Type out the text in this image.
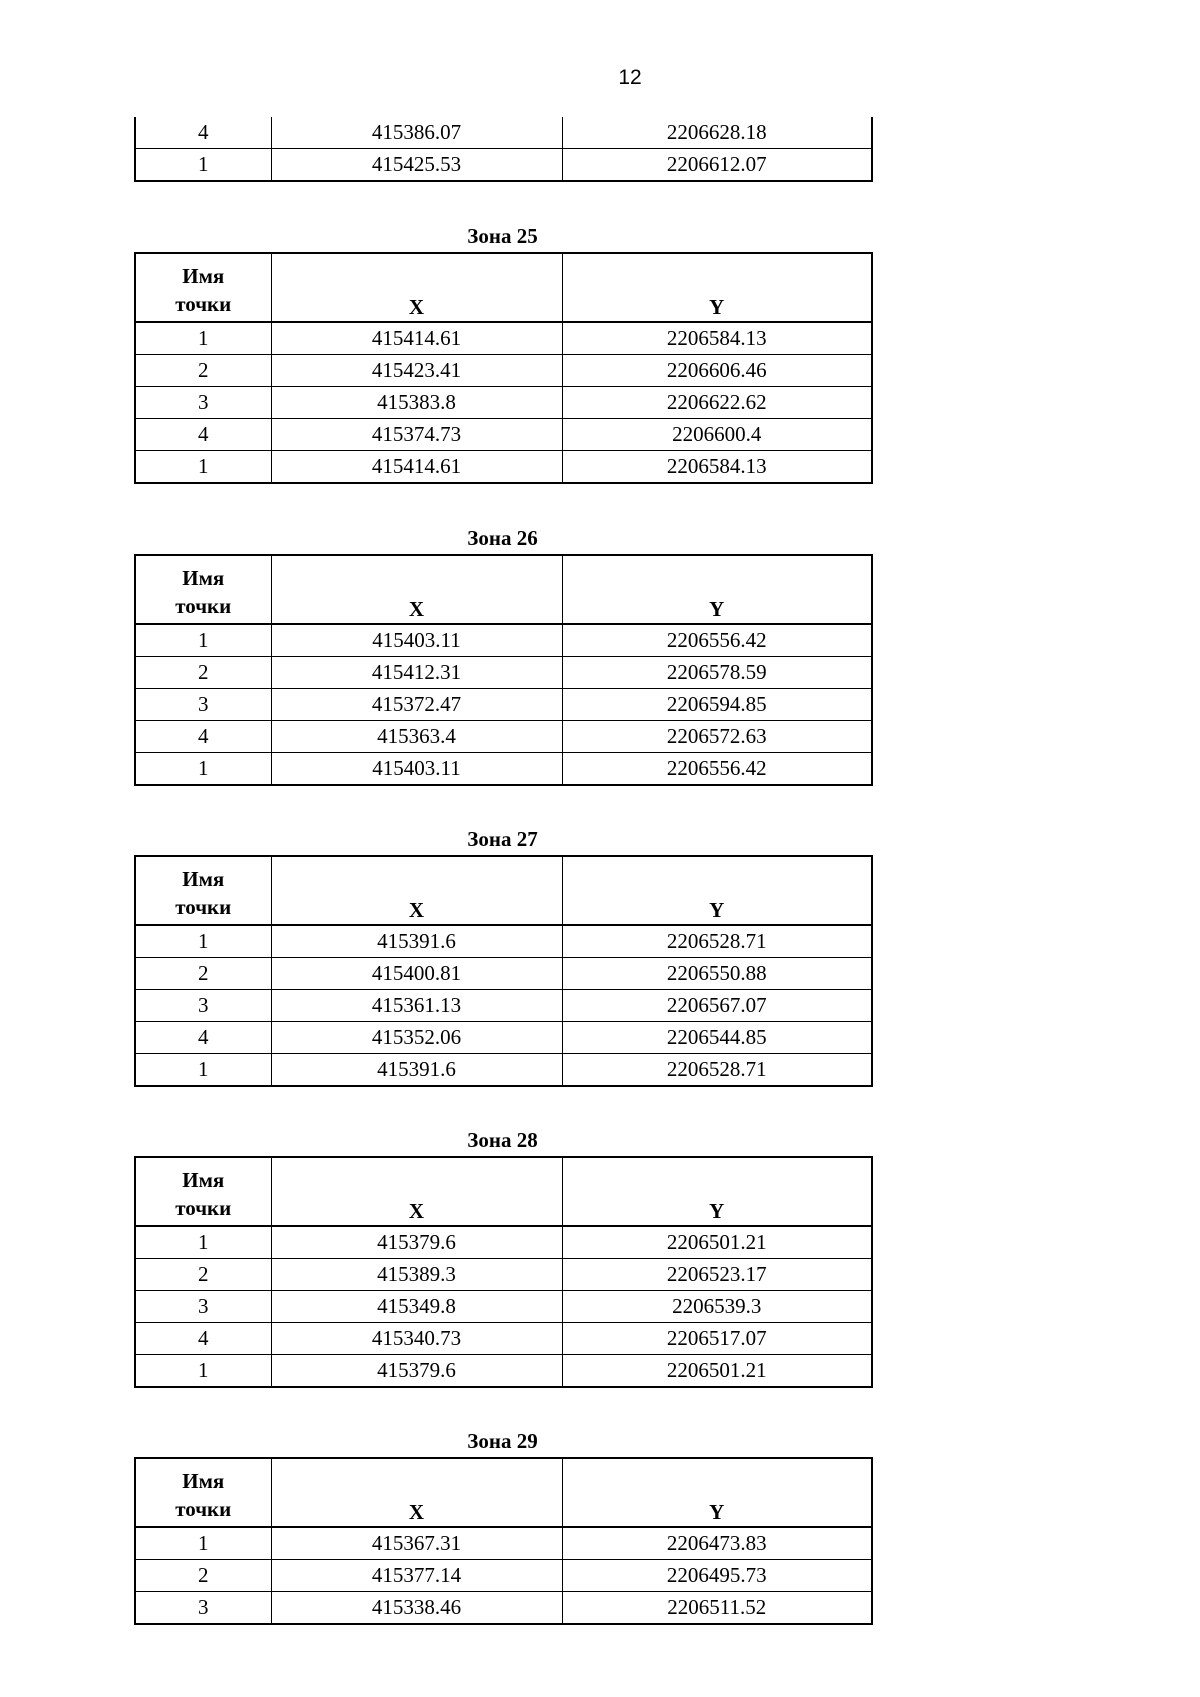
12
4	415386.07	2206628.18
1	415425.53	2206612.07
Зона 25
Имя
точки	X	Y
1	415414.61	2206584.13
2	415423.41	2206606.46
3	415383.8	2206622.62
4	415374.73	2206600.4
1	415414.61	2206584.13
Зона 26
Имя
точки	X	Y
1	415403.11	2206556.42
2	415412.31	2206578.59
3	415372.47	2206594.85
4	415363.4	2206572.63
1	415403.11	2206556.42
Зона 27
Имя
точки	X	Y
1	415391.6	2206528.71
2	415400.81	2206550.88
3	415361.13	2206567.07
4	415352.06	2206544.85
1	415391.6	2206528.71
Зона 28
Имя
точки	X	Y
1	415379.6	2206501.21
2	415389.3	2206523.17
3	415349.8	2206539.3
4	415340.73	2206517.07
1	415379.6	2206501.21
Зона 29
Имя
точки	X	Y
1	415367.31	2206473.83
2	415377.14	2206495.73
3	415338.46	2206511.52
